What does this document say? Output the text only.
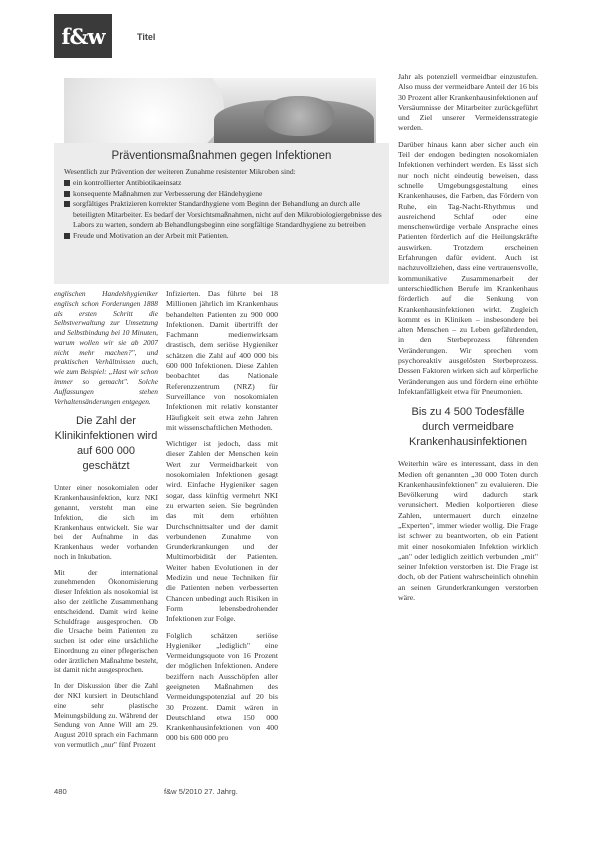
f&w	Titel
Präventionsmaßnahmen gegen Infektionen
Wesentlich zur Prävention der weiteren Zunahme resistenter Mikroben sind:
ein kontrollierter Antibiotikaeinsatz
konsequente Maßnahmen zur Verbesserung der Händehygiene
sorgfältiges Praktizieren korrekter Standardhygiene vom Beginn der Behandlung an durch alle beteiligten Mitarbeiter. Es bedarf der Vorsichtsmaßnahmen, nicht auf den Mikrobiologiergebnisse des Labors zu warten, sondern ab Behandlungsbeginn eine sorgfältige Standardhygiene zu betreiben
Freude und Motivation an der Arbeit mit Patienten.

englischen Handelshygieniker englisch schon Forderungen 1888 als ersten Schritt die Selbstverwaltung zur Umsetzung und Selbstbindung bei 10 Minuten, warum wollen wir sie ab 2007 nicht mehr machen?", und praktischen Verhältnissen auch, wie zum Beispiel: „Hast wir schon immer so gemacht". Solche Auffassungen stehen Verhaltensänderungen entgegen.

Die Zahl der Klinikinfektionen wird auf 600 000 geschätzt

Unter einer nosokomialen oder Krankenhausinfektion, kurz NKI genannt, versteht man eine Infektion, die sich im Krankenhaus entwickelt. Sie war bei der Aufnahme in das Krankenhaus weder vorhanden noch in Inkubation.

Mit der international zunehmenden Ökonomisierung dieser Infektion als nosokomial ist also der zeitliche Zusammenhang entscheidend. Damit wird keine Schuldfrage ausgesprochen. Ob die Ursache beim Patienten zu suchen ist oder eine ursächliche Einordnung zu einer pflegerischen oder ärztlichen Maßnahme besteht, ist damit nicht ausgesprochen.

In der Diskussion über die Zahl der NKI kursiert in Deutschland eine sehr plastische Meinungsbildung zu. Während der Sendung von Anne Will am 29. August 2010 sprach ein Fachmann von vermutlich „nur" fünf Prozent

Infizierten. Das führte bei 18 Millionen jährlich im Krankenhaus behandelten Patienten zu 900 000 Infektionen. Damit übertrifft der Fachmann medienwirksam drastisch, dem seriöse Hygieniker schätzen die Zahl auf 400 000 bis 600 000 Infektionen. Diese Zahlen beobachtet das Nationale Referenzzentrum (NRZ) für Surveillance von nosokomialen Infektionen mit relativ konstanter Häufigkeit seit etwa zehn Jahren mit wissenschaftlichen Methoden.

Wichtiger ist jedoch, dass mit dieser Zahlen der Menschen kein Wert zur Vermeidbarkeit von nosokomialen Infektionen gesagt wird. Einfache Hygieniker sagen sogar, dass künftig vermehrt NKI zu erwarten seien. Sie begründen das mit dem erhöhten Durchschnittsalter und der damit verbundenen Zunahme von Grunderkrankungen und der Multimorbidität der Patienten. Weiter haben Evolutionen in der Medizin und neue Techniken für die Patienten neben verbesserten Chancen unbedingt auch Risiken in Form lebensbedrohender Infektionen zur Folge.

Folglich schätzen seriöse Hygieniker „lediglich" eine Vermeidungsquote von 16 Prozent der möglichen Infektionen. Andere beziffern nach Ausschöpfen aller geeigneten Maßnahmen des Vermeidungspotenzial auf 20 bis 30 Prozent. Damit wären in Deutschland etwa 150 000 Krankenhausinfektionen von 400 000 bis 600 000 pro

Jahr als potenziell vermeidbar einzustufen. Also muss der vermeidbare Anteil der 16 bis 30 Prozent aller Krankenhausinfektionen auf Versäumnisse der Mitarbeiter zurückgeführt und Ziel unserer Vermeidensstrategie werden.

Darüber hinaus kann aber sicher auch ein Teil der endogen bedingten nosokomialen Infektionen verhindert werden. Es lässt sich nur noch nicht eindeutig beweisen, dass schnelle Umgebungsgestaltung eines Krankenhauses, die Farben, das Fördern von Ruhe, ein Tag-Nacht-Rhythmus und ausreichend Schlaf oder eine menschenwürdige verbale Ansprache eines Patienten förderlich auf die Heilungskräfte auswirken. Trotzdem erscheinen Erfahrungen dafür evident. Auch ist nachzuvollziehen, dass eine vertrauensvolle, kommunikative Zusammenarbeit der unterschiedlichen Berufe im Krankenhaus förderlich auf die Senkung von Krankenhausinfektionen wirkt. Zugleich kommt es in Kliniken – insbesondere bei alten Menschen – zu Leben gefährdenden, in den Sterbeprozess führenden Veränderungen. Wir sprechen vom psychoreaktiv ausgelösten Sterbeprozess. Dessen Faktoren wirken sich auf körperliche Veränderungen aus und fördern eine erhöhte Infektanfälligkeit etwa für Pneumonien.

Bis zu 4 500 Todesfälle durch vermeidbare Krankenhausinfektionen

Weiterhin wäre es interessant, dass in den Medien oft genannten „30 000 Toten durch Krankenhausinfektionen" zu evaluieren. Die Bevölkerung wird dadurch stark verunsichert. Medien kolportieren diese Zahlen, untermauert durch einzelne „Experten", immer wieder wollig. Die Frage ist schwer zu beantworten, ob ein Patient mit einer nosokomialen Infektion wirklich „an" oder lediglich zeitlich verbunden „mit" seiner Infektion verstorben ist. Die Frage ist doch, ob der Patient wahrscheinlich ohnehin an seinen Grunderkrankungen verstorben wäre.

480	f&w 5/2010 27. Jahrg.
